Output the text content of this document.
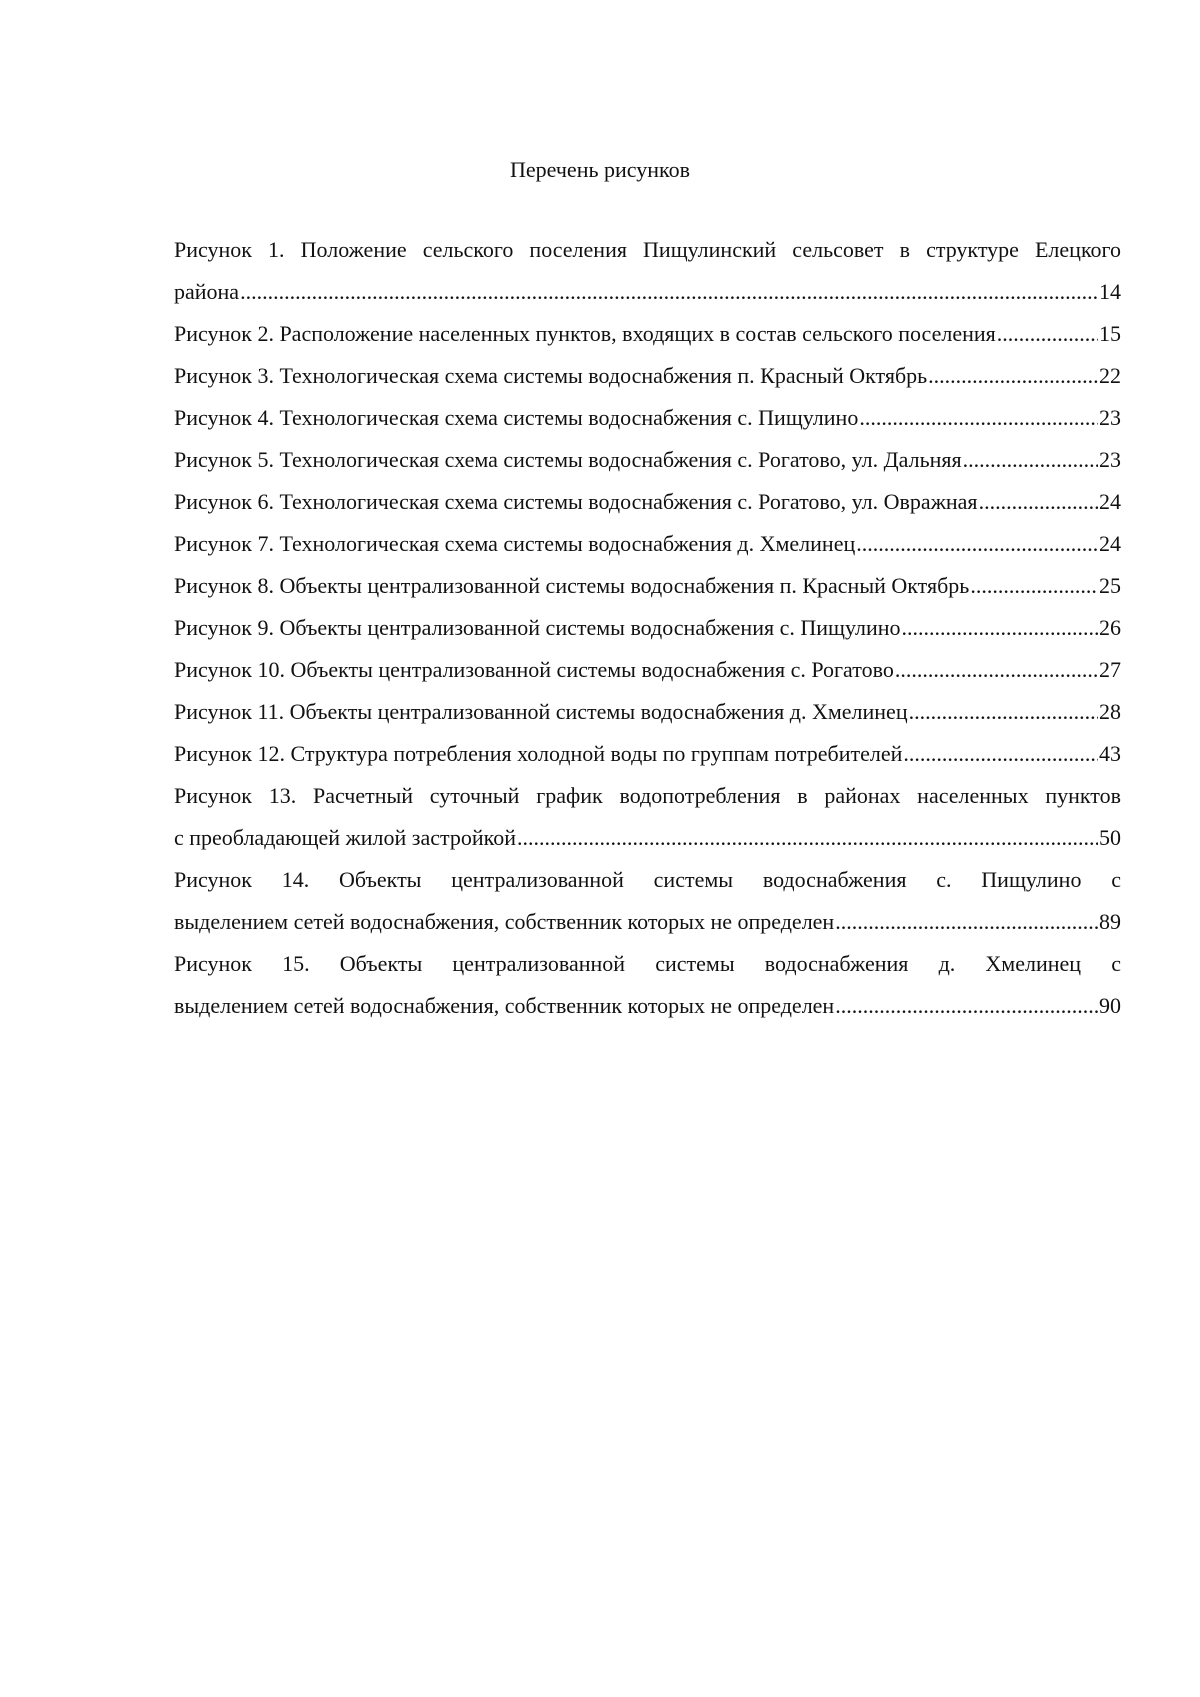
Перечень рисунков
Рисунок 1. Положение сельского поселения Пищулинский сельсовет в структуре Елецкого
района .....	14
Рисунок 2. Расположение населенных пунктов, входящих в состав сельского поселения .....	15
Рисунок 3. Технологическая схема системы водоснабжения п. Красный Октябрь .....	22
Рисунок 4. Технологическая схема системы водоснабжения с. Пищулино .....	23
Рисунок 5. Технологическая схема системы водоснабжения с. Рогатово, ул. Дальняя .....	23
Рисунок 6. Технологическая схема системы водоснабжения с. Рогатово, ул. Овражная .....	24
Рисунок 7. Технологическая схема системы водоснабжения д. Хмелинец .....	24
Рисунок 8. Объекты централизованной системы водоснабжения п. Красный Октябрь .....	25
Рисунок 9. Объекты централизованной системы водоснабжения с. Пищулино .....	26
Рисунок 10. Объекты централизованной системы водоснабжения с. Рогатово .....	27
Рисунок 11. Объекты централизованной системы водоснабжения д. Хмелинец .....	28
Рисунок 12. Структура потребления холодной воды по группам потребителей .....	43
Рисунок 13. Расчетный суточный график водопотребления в районах населенных пунктов
с преобладающей жилой застройкой .....	50
Рисунок 14. Объекты централизованной системы водоснабжения с. Пищулино с
выделением сетей водоснабжения, собственник которых не определен .....	89
Рисунок 15. Объекты централизованной системы водоснабжения д. Хмелинец с
выделением сетей водоснабжения, собственник которых не определен .....	90
